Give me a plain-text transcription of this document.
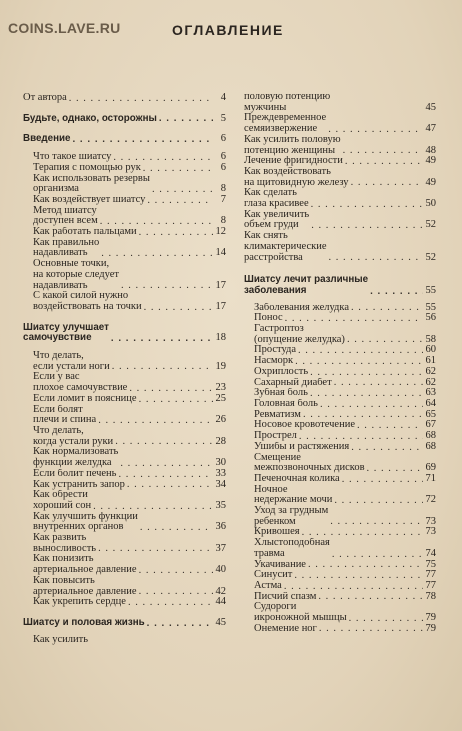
COINS.LAVE.RU	ОГЛАВЛЕНИЕ
От автора . . .	4
Будьте, однако, осторожны . . .	5
Введение . . .	6
Что такое шиатсу . . .	6
Терапия с помощью рук . . .	6
Как использовать резервы
организма . . .	8
Как воздействует шиатсу . . .	7
Метод шиатсу
доступен всем . . .	8
Как работать пальцами . . .	12
Как правильно
надавливать . . .	14
Основные точки,
на которые следует
надавливать . . .	17
С какой силой нужно
воздействовать на точки . . .	17
Шиатсу улучшает
самочувствие . . .	18
Что делать,
если устали ноги . . .	19
Если у вас
плохое самочувствие . . .	23
Если ломит в пояснице . . .	25
Если болят
плечи и спина . . .	26
Что делать,
когда устали руки . . .	28
Как нормализовать
функции желудка . . .	30
Если болит печень . . .	33
Как устранить запор . . .	34
Как обрести
хороший сон . . .	35
Как улучшить функции
внутренних органов . . .	36
Как развить
выносливость . . .	37
Как понизить
артериальное давление . . .	40
Как повысить
артериальное давление . . .	42
Как укрепить сердце . . .	44
Шиатсу и половая жизнь . . .	45
Как усилить
половую потенцию
мужчины	45
Преждевременное
семяизвержение . . .	47
Как усилить половую
потенцию женщины . . .	48
Лечение фригидности . . .	49
Как воздействовать
на щитовидную железу . . .	49
Как сделать
глаза красивее . . .	50
Как увеличить
объем груди . . .	52
Как снять
климактерические
расстройства . . .	52
Шиатсу лечит различные
заболевания . . .	55
Заболевания желудка . . .	55
Понос . . .	56
Гастроптоз
(опущение желудка) . . .	58
Простуда . . .	60
Насморк . . .	61
Охриплость . . .	62
Сахарный диабет . . .	62
Зубная боль . . .	63
Головная боль . . .	64
Ревматизм . . .	65
Носовое кровотечение . . .	67
Прострел . . .	68
Ушибы и растяжения . . .	68
Смещение
межпозвоночных дисков . . .	69
Печеночная колика . . .	71
Ночное
недержание мочи . . .	72
Уход за грудным
ребенком . . .	73
Кривошея . . .	73
Хлыстоподобная
травма . . .	74
Укачивание . . .	75
Синусит . . .	77
Астма . . .	77
Писчий спазм . . .	78
Судороги
икроножной мышцы . . .	79
Онемение ног . . .	79
